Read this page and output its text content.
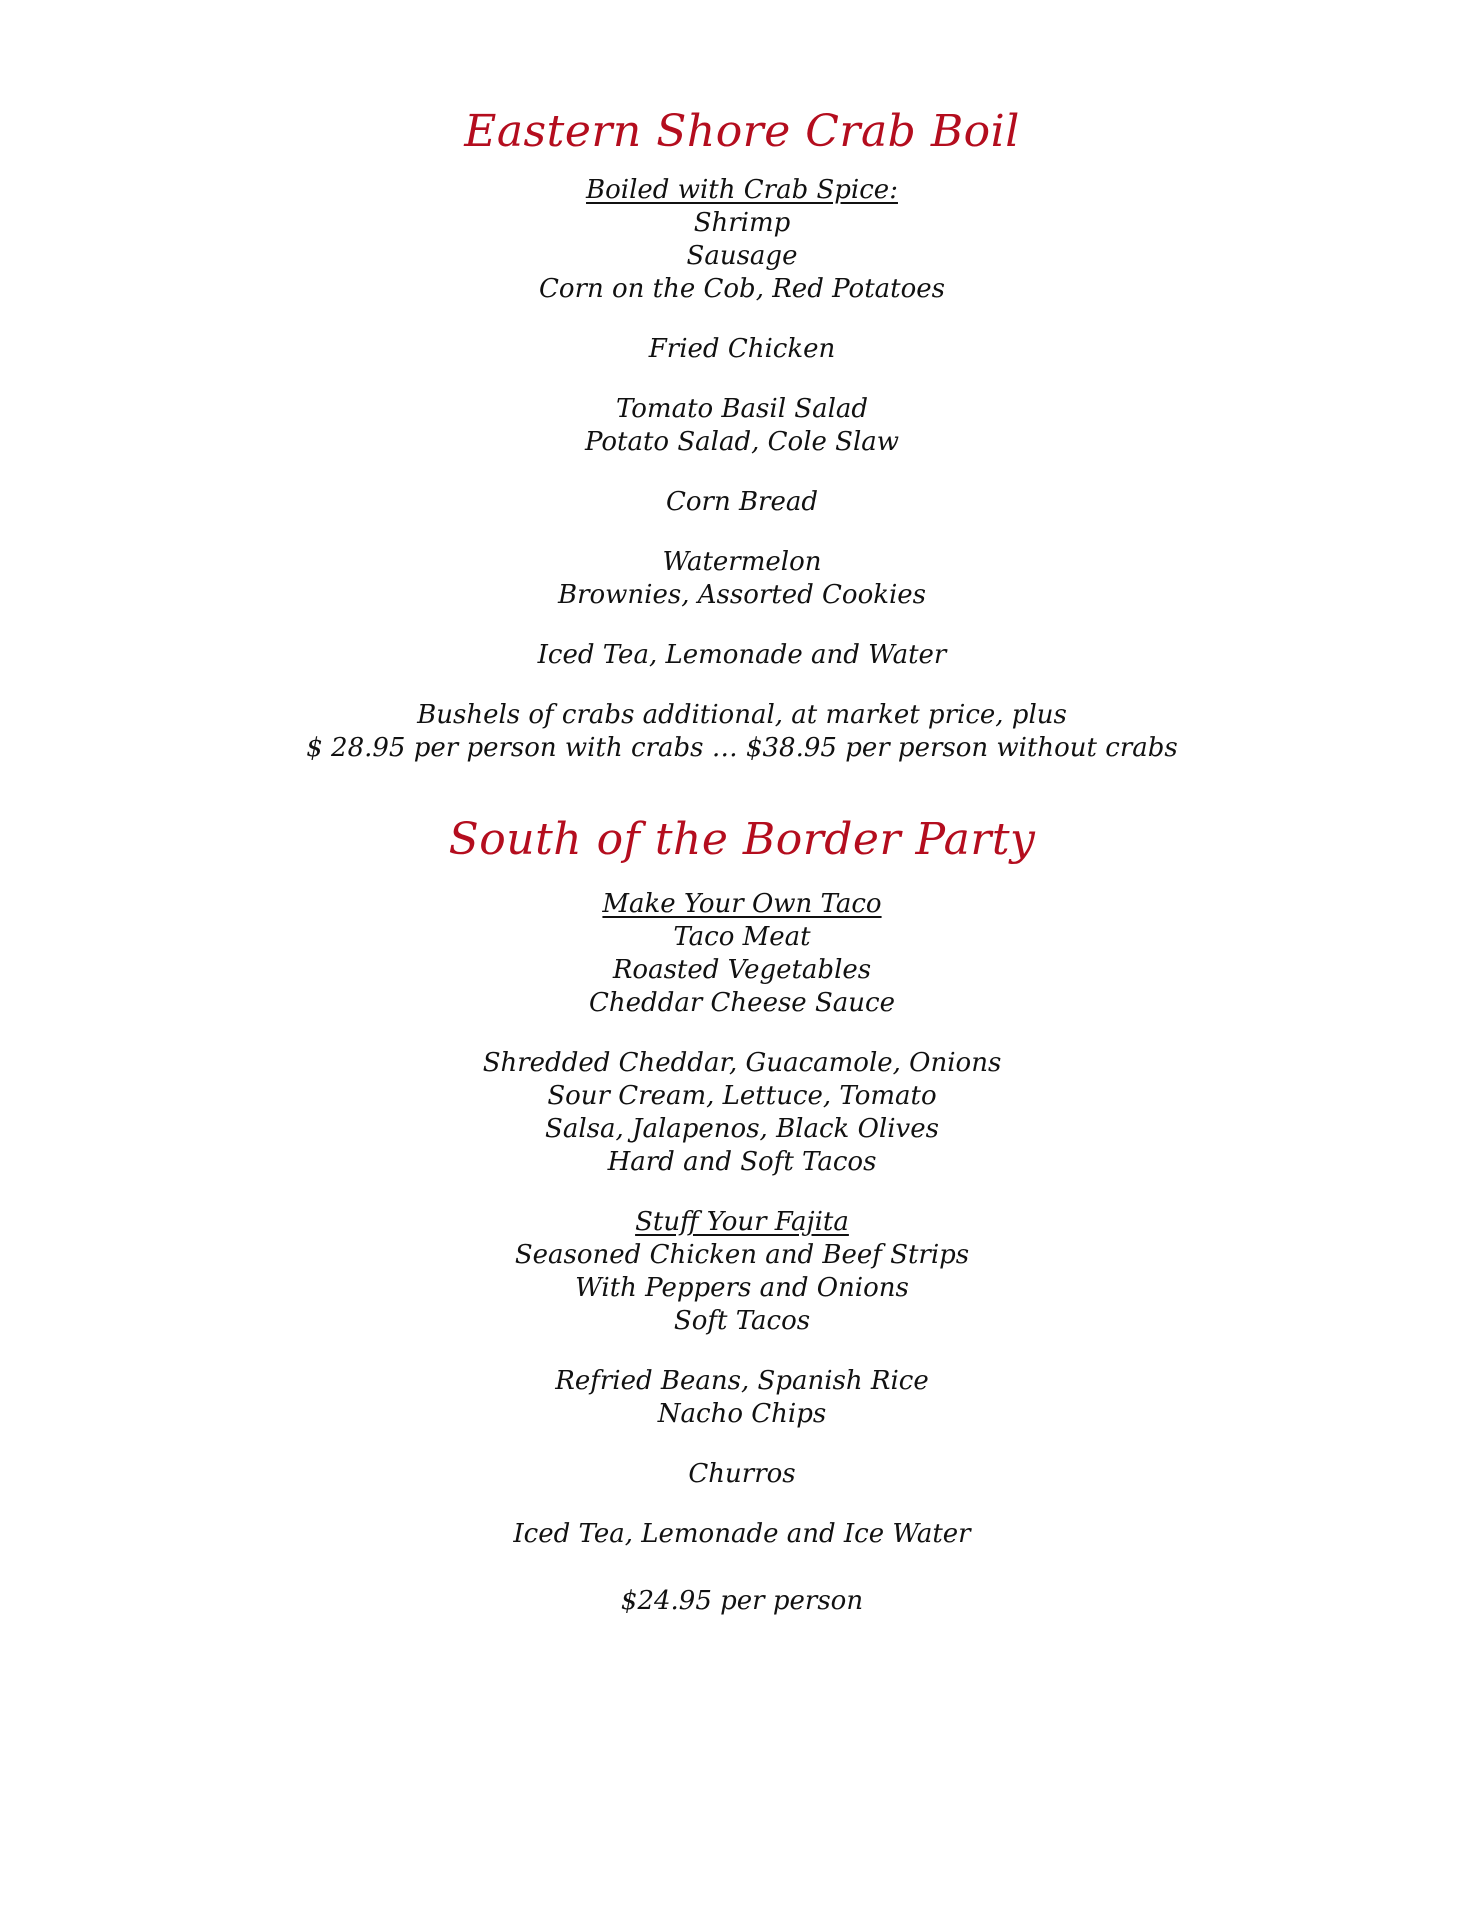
Eastern Shore Crab Boil
Boiled with Crab Spice:
Shrimp
Sausage
Corn on the Cob, Red Potatoes
Fried Chicken
Tomato Basil Salad
Potato Salad, Cole Slaw
Corn Bread
Watermelon
Brownies, Assorted Cookies
Iced Tea, Lemonade and Water
Bushels of crabs additional, at market price, plus
$ 28.95 per person with crabs … $38.95 per person without crabs
South of the Border Party
Make Your Own Taco
Taco Meat
Roasted Vegetables
Cheddar Cheese Sauce
Shredded Cheddar, Guacamole, Onions
Sour Cream, Lettuce, Tomato
Salsa, Jalapenos, Black Olives
Hard and Soft Tacos
Stuff Your Fajita
Seasoned Chicken and Beef Strips
With Peppers and Onions
Soft Tacos
Refried Beans, Spanish Rice
Nacho Chips
Churros
Iced Tea, Lemonade and Ice Water
$24.95 per person
